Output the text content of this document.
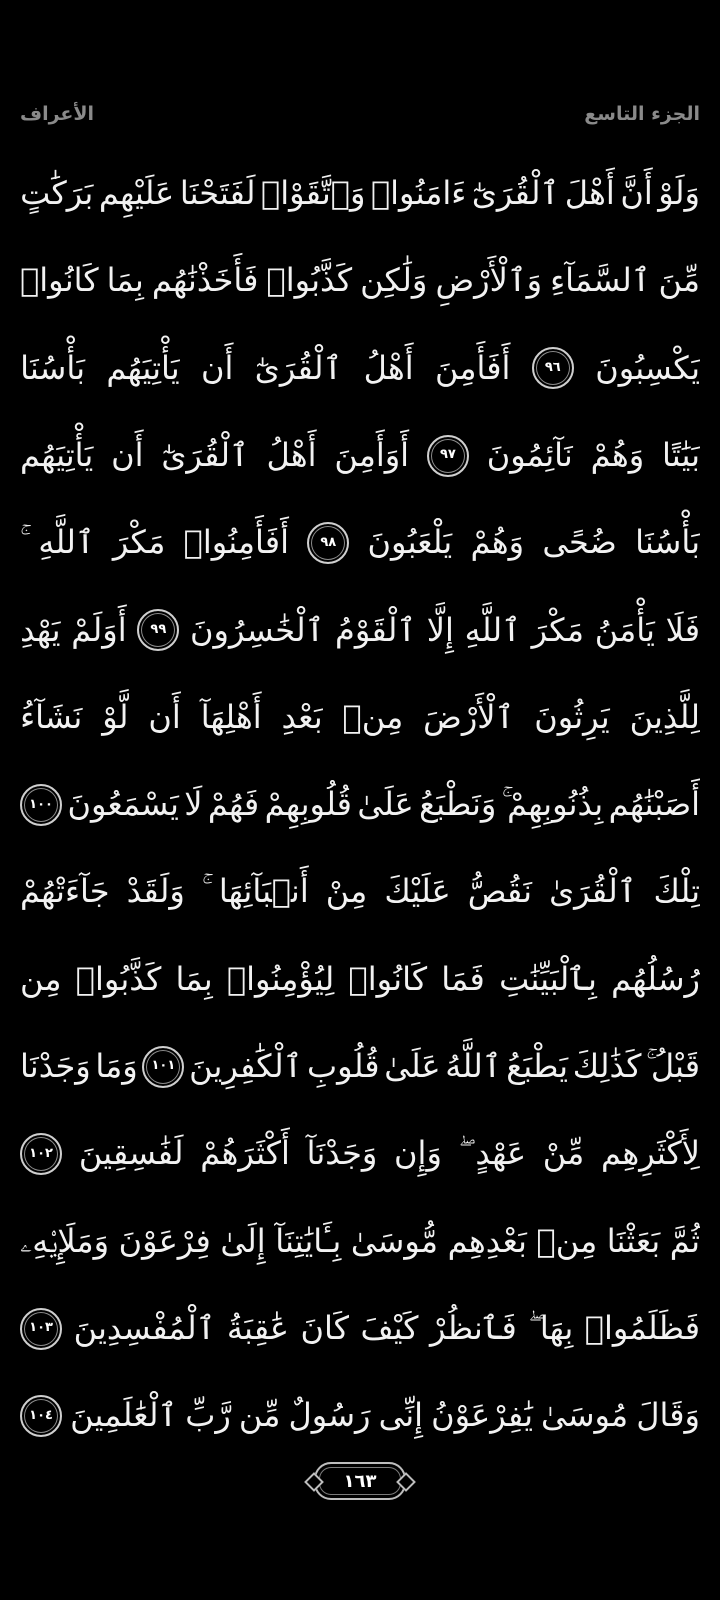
الأعراف	الجزء التاسع
وَلَوْ
أَنَّ
أَهْلَ
ٱلْقُرَىٰٓ
ءَامَنُوا۟
وَٱتَّقَوْا۟
لَفَتَحْنَا
عَلَيْهِم
بَرَكَٰتٍ
مِّنَ
ٱلسَّمَآءِ
وَٱلْأَرْضِ
وَلَٰكِن
كَذَّبُوا۟
فَأَخَذْنَٰهُم
بِمَا
كَانُوا۟
يَكْسِبُونَ
٩٦
أَفَأَمِنَ
أَهْلُ
ٱلْقُرَىٰٓ
أَن
يَأْتِيَهُم
بَأْسُنَا
بَيَٰتًا
وَهُمْ
نَآئِمُونَ
٩٧
أَوَأَمِنَ
أَهْلُ
ٱلْقُرَىٰٓ
أَن
يَأْتِيَهُم
بَأْسُنَا
ضُحًى
وَهُمْ
يَلْعَبُونَ
٩٨
أَفَأَمِنُوا۟
مَكْرَ
ٱللَّهِ
فَلَا
يَأْمَنُ
مَكْرَ
ٱللَّهِ
إِلَّا
ٱلْقَوْمُ
ٱلْخَٰسِرُونَ
٩٩
أَوَلَمْ
يَهْدِ
لِلَّذِينَ
يَرِثُونَ
ٱلْأَرْضَ
مِنۢ
بَعْدِ
أَهْلِهَآ
أَن
لَّوْ
نَشَآءُ
أَصَبْنَٰهُم
بِذُنُوبِهِمْ
وَنَطْبَعُ
عَلَىٰ
قُلُوبِهِمْ
فَهُمْ
لَا
يَسْمَعُونَ
١٠٠
تِلْكَ
ٱلْقُرَىٰ
نَقُصُّ
عَلَيْكَ
مِنْ
أَنۢبَآئِهَا
وَلَقَدْ
جَآءَتْهُمْ
رُسُلُهُم
بِٱلْبَيِّنَٰتِ
فَمَا
كَانُوا۟
لِيُؤْمِنُوا۟
بِمَا
كَذَّبُوا۟
مِن
قَبْلُ
كَذَٰلِكَ
يَطْبَعُ
ٱللَّهُ
عَلَىٰ
قُلُوبِ
ٱلْكَٰفِرِينَ
١٠١
وَمَا
وَجَدْنَا
لِأَكْثَرِهِم
مِّنْ
عَهْدٍ
وَإِن
وَجَدْنَآ
أَكْثَرَهُمْ
لَفَٰسِقِينَ
١٠٢
ثُمَّ
بَعَثْنَا
مِنۢ
بَعْدِهِم
مُّوسَىٰ
بِـَٔايَٰتِنَآ
إِلَىٰ
فِرْعَوْنَ
وَمَلَإِي۟هِۦ
فَظَلَمُوا۟
بِهَا
فَٱنظُرْ
كَيْفَ
كَانَ
عَٰقِبَةُ
ٱلْمُفْسِدِينَ
١٠٣
وَقَالَ
مُوسَىٰ
يَٰفِرْعَوْنُ
إِنِّى
رَسُولٌ
مِّن
رَّبِّ
ٱلْعَٰلَمِينَ
١٠٤
١٦٣
